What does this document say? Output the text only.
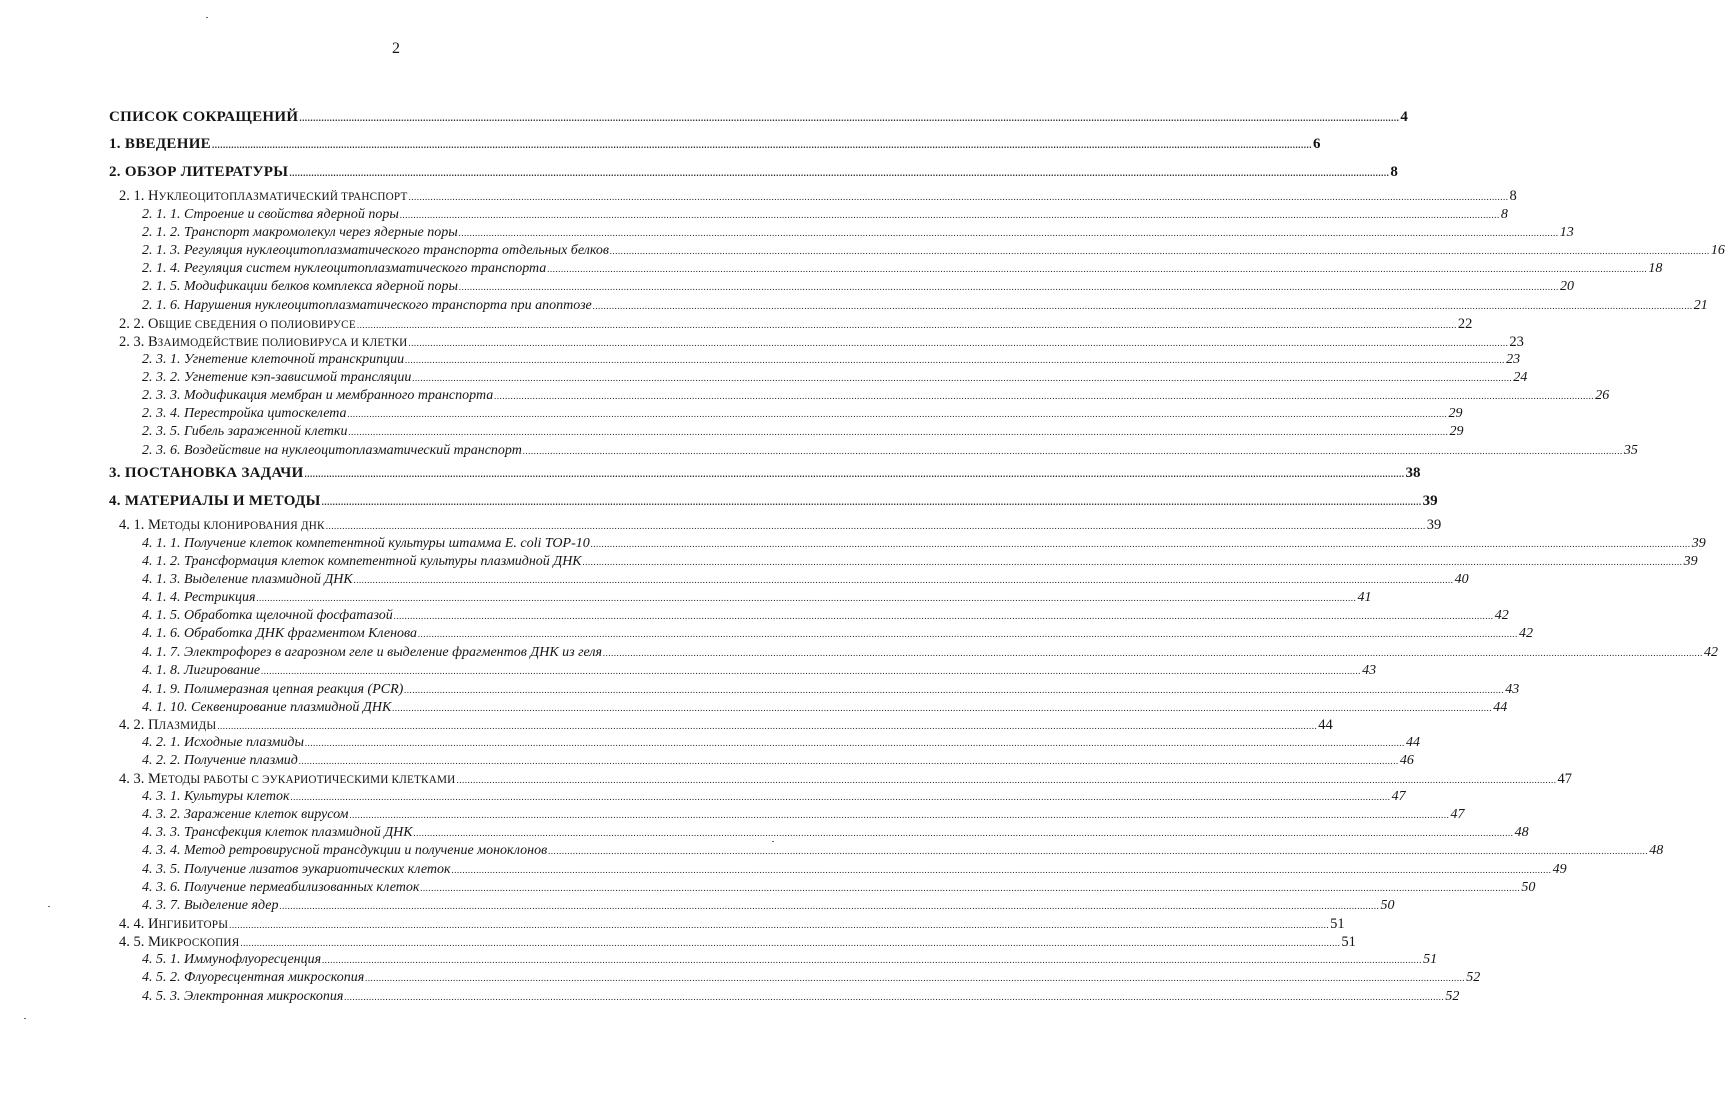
2
СПИСОК СОКРАЩЕНИЙ ................................................................................................................................................................................................................................................................................................................................................................................................................ 4
1. ВВЕДЕНИЕ ................................................................................................................................................................................................................................................................................................................................................................................................................ 6
2. ОБЗОР ЛИТЕРАТУРЫ ................................................................................................................................................................................................................................................................................................................................................................................................................ 8
2. 1. НУКЛЕОЦИТОПЛАЗМАТИЧЕСКИЙ ТРАНСПОРТ ................................................................................................................................................................................................................................................................................................................................................................................................................ 8
2. 1. 1. Строение и свойства ядерной поры ................................................................................................................................................................................................................................................................................................................................................................................................................ 8
2. 1. 2. Транспорт макромолекул через ядерные поры ................................................................................................................................................................................................................................................................................................................................................................................................................ 13
2. 1. 3. Регуляция нуклеоцитоплазматического транспорта отдельных белков ................................................................................................................................................................................................................................................................................................................................................................................................................ 16
2. 1. 4. Регуляция систем нуклеоцитоплазматического транспорта ................................................................................................................................................................................................................................................................................................................................................................................................................ 18
2. 1. 5. Модификации белков комплекса ядерной поры ................................................................................................................................................................................................................................................................................................................................................................................................................ 20
2. 1. 6. Нарушения нуклеоцитоплазматического транспорта при апоптозе ................................................................................................................................................................................................................................................................................................................................................................................................................ 21
2. 2. ОБЩИЕ СВЕДЕНИЯ О ПОЛИОВИРУСЕ ................................................................................................................................................................................................................................................................................................................................................................................................................ 22
2. 3. ВЗАИМОДЕЙСТВИЕ ПОЛИОВИРУСА И КЛЕТКИ ................................................................................................................................................................................................................................................................................................................................................................................................................ 23
2. 3. 1. Угнетение клеточной транскрипции ................................................................................................................................................................................................................................................................................................................................................................................................................ 23
2. 3. 2. Угнетение кэп-зависимой трансляции ................................................................................................................................................................................................................................................................................................................................................................................................................ 24
2. 3. 3. Модификация мембран и мембранного транспорта ................................................................................................................................................................................................................................................................................................................................................................................................................ 26
2. 3. 4. Перестройка цитоскелета ................................................................................................................................................................................................................................................................................................................................................................................................................ 29
2. 3. 5. Гибель зараженной клетки ................................................................................................................................................................................................................................................................................................................................................................................................................ 29
2. 3. 6. Воздействие на нуклеоцитоплазматический транспорт ................................................................................................................................................................................................................................................................................................................................................................................................................ 35
3. ПОСТАНОВКА ЗАДАЧИ ................................................................................................................................................................................................................................................................................................................................................................................................................ 38
4. МАТЕРИАЛЫ И МЕТОДЫ ................................................................................................................................................................................................................................................................................................................................................................................................................ 39
4. 1. МЕТОДЫ КЛОНИРОВАНИЯ ДНК ................................................................................................................................................................................................................................................................................................................................................................................................................ 39
4. 1. 1. Получение клеток компетентной культуры штамма E. coli TOP-10 ................................................................................................................................................................................................................................................................................................................................................................................................................ 39
4. 1. 2. Трансформация клеток компетентной культуры плазмидной ДНК ................................................................................................................................................................................................................................................................................................................................................................................................................ 39
4. 1. 3. Выделение плазмидной ДНК ................................................................................................................................................................................................................................................................................................................................................................................................................ 40
4. 1. 4. Рестрикция ................................................................................................................................................................................................................................................................................................................................................................................................................ 41
4. 1. 5. Обработка щелочной фосфатазой ................................................................................................................................................................................................................................................................................................................................................................................................................ 42
4. 1. 6. Обработка ДНК фрагментом Кленова ................................................................................................................................................................................................................................................................................................................................................................................................................ 42
4. 1. 7. Электрофорез в агарозном геле и выделение фрагментов ДНК из геля ................................................................................................................................................................................................................................................................................................................................................................................................................ 42
4. 1. 8. Лигирование ................................................................................................................................................................................................................................................................................................................................................................................................................ 43
4. 1. 9. Полимеразная цепная реакция (PCR) ................................................................................................................................................................................................................................................................................................................................................................................................................ 43
4. 1. 10. Секвенирование плазмидной ДНК ................................................................................................................................................................................................................................................................................................................................................................................................................ 44
4. 2. ПЛАЗМИДЫ ................................................................................................................................................................................................................................................................................................................................................................................................................ 44
4. 2. 1. Исходные плазмиды ................................................................................................................................................................................................................................................................................................................................................................................................................ 44
4. 2. 2. Получение плазмид ................................................................................................................................................................................................................................................................................................................................................................................................................ 46
4. 3. МЕТОДЫ РАБОТЫ С ЭУКАРИОТИЧЕСКИМИ КЛЕТКАМИ ................................................................................................................................................................................................................................................................................................................................................................................................................ 47
4. 3. 1. Культуры клеток ................................................................................................................................................................................................................................................................................................................................................................................................................ 47
4. 3. 2. Заражение клеток вирусом ................................................................................................................................................................................................................................................................................................................................................................................................................ 47
4. 3. 3. Трансфекция клеток плазмидной ДНК ................................................................................................................................................................................................................................................................................................................................................................................................................ 48
4. 3. 4. Метод ретровирусной трансдукции и получение моноклонов ................................................................................................................................................................................................................................................................................................................................................................................................................ 48
4. 3. 5. Получение лизатов эукариотических клеток ................................................................................................................................................................................................................................................................................................................................................................................................................ 49
4. 3. 6. Получение пермеабилизованных клеток ................................................................................................................................................................................................................................................................................................................................................................................................................ 50
4. 3. 7. Выделение ядер ................................................................................................................................................................................................................................................................................................................................................................................................................ 50
4. 4. ИНГИБИТОРЫ ................................................................................................................................................................................................................................................................................................................................................................................................................ 51
4. 5. МИКРОСКОПИЯ ................................................................................................................................................................................................................................................................................................................................................................................................................ 51
4. 5. 1. Иммунофлуоресценция ................................................................................................................................................................................................................................................................................................................................................................................................................ 51
4. 5. 2. Флуоресцентная микроскопия ................................................................................................................................................................................................................................................................................................................................................................................................................ 52
4. 5. 3. Электронная микроскопия ................................................................................................................................................................................................................................................................................................................................................................................................................ 52
